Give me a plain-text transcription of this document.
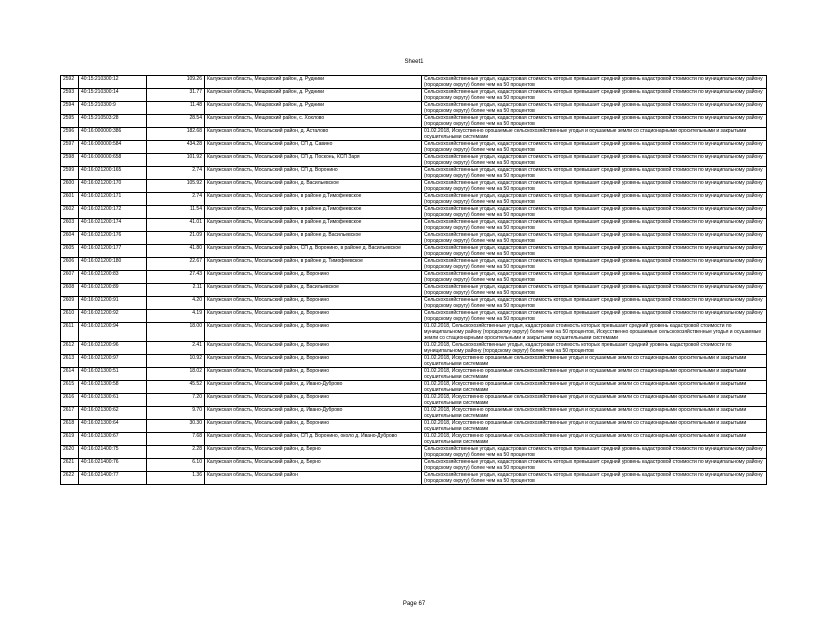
Sheet1
2592	40:15:210300:12	109.26	Калужская область, Мещовский район, д. Рудники	Сельскохозяйственные угодья, кадастровая стоимость которых превышает средний уровень кадастровой стоимости по муниципальному району (городскому округу) более чем на 50 процентов
2593	40:15:210300:14	31.77	Калужская область, Мещовский район, д. Рудники	Сельскохозяйственные угодья, кадастровая стоимость которых превышает средний уровень кадастровой стоимости по муниципальному району (городскому округу) более чем на 50 процентов
2594	40:15:210300:9	11.48	Калужская область, Мещовский район, д. Рудники	Сельскохозяйственные угодья, кадастровая стоимость которых превышает средний уровень кадастровой стоимости по муниципальному району (городскому округу) более чем на 50 процентов
2595	40:15:210503:28	28.54	Калужская область, Мещовский район, с. Хохлово	Сельскохозяйственные угодья, кадастровая стоимость которых превышает средний уровень кадастровой стоимости по муниципальному району (городскому округу) более чем на 50 процентов
2596	40:16:000000:386	182.68	Калужская область, Мосальский район, д. Асталово	01.02.2018, Искусственно орошаемые сельскохозяйственные угодья и осушаемые земли со стационарными оросительными и закрытыми осушительными системами
2597	40:16:000000:584	434.28	Калужская область, Мосальский район, СП д. Савино	Сельскохозяйственные угодья, кадастровая стоимость которых превышает средний уровень кадастровой стоимости по муниципальному району (городскому округу) более чем на 50 процентов
2598	40:16:000000:658	101.92	Калужская область, Мосальский район, СП д. Посконь, КСП Заря	Сельскохозяйственные угодья, кадастровая стоимость которых превышает средний уровень кадастровой стоимости по муниципальному району (городскому округу) более чем на 50 процентов
2599	40:16:021200:165	2.74	Калужская область, Мосальский район, СП д. Воронино	Сельскохозяйственные угодья, кадастровая стоимость которых превышает средний уровень кадастровой стоимости по муниципальному району (городскому округу) более чем на 50 процентов
2600	40:16:021200:170	105.92	Калужская область, Мосальский район, д. Васильевское	Сельскохозяйственные угодья, кадастровая стоимость которых превышает средний уровень кадастровой стоимости по муниципальному району (городскому округу) более чем на 50 процентов
2601	40:16:021200:171	2.74	Калужская область, Мосальский район, в районе д.Тимофеевское	Сельскохозяйственные угодья, кадастровая стоимость которых превышает средний уровень кадастровой стоимости по муниципальному району (городскому округу) более чем на 50 процентов
2602	40:16:021200:172	11.54	Калужская область, Мосальский район, в районе д.Тимофеевское	Сельскохозяйственные угодья, кадастровая стоимость которых превышает средний уровень кадастровой стоимости по муниципальному району (городскому округу) более чем на 50 процентов
2603	40:16:021200:174	41.01	Калужская область, Мосальский район, в районе д.Тимофеевское	Сельскохозяйственные угодья, кадастровая стоимость которых превышает средний уровень кадастровой стоимости по муниципальному району (городскому округу) более чем на 50 процентов
2604	40:16:021200:176	21.09	Калужская область, Мосальский район, в районе д. Васильевское	Сельскохозяйственные угодья, кадастровая стоимость которых превышает средний уровень кадастровой стоимости по муниципальному району (городскому округу) более чем на 50 процентов
2605	40:16:021200:177	41.80	Калужская область, Мосальский район, СП д. Воронино, в районе д. Васильевское	Сельскохозяйственные угодья, кадастровая стоимость которых превышает средний уровень кадастровой стоимости по муниципальному району (городскому округу) более чем на 50 процентов
2606	40:16:021200:180	22.67	Калужская область, Мосальский район, в районе д. Тимофеевское	Сельскохозяйственные угодья, кадастровая стоимость которых превышает средний уровень кадастровой стоимости по муниципальному району (городскому округу) более чем на 50 процентов
2607	40:16:021200:83	27.43	Калужская область, Мосальский район, д. Воронино	Сельскохозяйственные угодья, кадастровая стоимость которых превышает средний уровень кадастровой стоимости по муниципальному району (городскому округу) более чем на 50 процентов
2608	40:16:021200:89	2.11	Калужская область, Мосальский район, д. Васильевское	Сельскохозяйственные угодья, кадастровая стоимость которых превышает средний уровень кадастровой стоимости по муниципальному району (городскому округу) более чем на 50 процентов
2609	40:16:021200:91	4.20	Калужская область, Мосальский район, д. Воронино	Сельскохозяйственные угодья, кадастровая стоимость которых превышает средний уровень кадастровой стоимости по муниципальному району (городскому округу) более чем на 50 процентов
2610	40:16:021200:92	4.19	Калужская область, Мосальский район, д. Воронино	Сельскохозяйственные угодья, кадастровая стоимость которых превышает средний уровень кадастровой стоимости по муниципальному району (городскому округу) более чем на 50 процентов
2611	40:16:021200:94	18.00	Калужская область, Мосальский район, д. Воронино	01.02.2018, Сельскохозяйственные угодья, кадастровая стоимость которых превышает средний уровень кадастровой стоимости по муниципальному району (городскому округу) более чем на 50 процентов, Искусственно орошаемые сельскохозяйственные угодья и осушаемые земли со стационарными оросительными и закрытыми осушительными системами
2612	40:16:021200:96	2.41	Калужская область, Мосальский район, д. Воронино	01.02.2018, Сельскохозяйственные угодья, кадастровая стоимость которых превышает средний уровень кадастровой стоимости по муниципальному району (городскому округу) более чем на 50 процентов
2613	40:16:021200:97	10.92	Калужская область, Мосальский район, д. Воронино	01.02.2018, Искусственно орошаемые сельскохозяйственные угодья и осушаемые земли со стационарными оросительными и закрытыми осушительными системами
2614	40:16:021300:51	18.02	Калужская область, Мосальский район, д. Воронино	01.02.2018, Искусственно орошаемые сельскохозяйственные угодья и осушаемые земли со стационарными оросительными и закрытыми осушительными системами
2615	40:16:021300:58	45.52	Калужская область, Мосальский район, д. Ивано-Дуброво	01.02.2018, Искусственно орошаемые сельскохозяйственные угодья и осушаемые земли со стационарными оросительными и закрытыми осушительными системами
2616	40:16:021300:61	7.20	Калужская область, Мосальский район, д. Воронино	01.02.2018, Искусственно орошаемые сельскохозяйственные угодья и осушаемые земли со стационарными оросительными и закрытыми осушительными системами
2617	40:16:021300:62	9.70	Калужская область, Мосальский район, д. Ивано-Дуброво	01.02.2018, Искусственно орошаемые сельскохозяйственные угодья и осушаемые земли со стационарными оросительными и закрытыми осушительными системами
2618	40:16:021300:64	30.30	Калужская область, Мосальский район, д. Воронино	01.02.2018, Искусственно орошаемые сельскохозяйственные угодья и осушаемые земли со стационарными оросительными и закрытыми осушительными системами
2619	40:16:021300:67	7.68	Калужская область, Мосальский район, СП д. Воронино, около д. Ивано-Дуброво	01.02.2018, Искусственно орошаемые сельскохозяйственные угодья и осушаемые земли со стационарными оросительными и закрытыми осушительными системами
2620	40:16:021400:75	2.28	Калужская область, Мосальский район, д. Берно	Сельскохозяйственные угодья, кадастровая стоимость которых превышает средний уровень кадастровой стоимости по муниципальному району (городскому округу) более чем на 50 процентов
2621	40:16:021400:76	6.10	Калужская область, Мосальский район, д. Берно	Сельскохозяйственные угодья, кадастровая стоимость которых превышает средний уровень кадастровой стоимости по муниципальному району (городскому округу) более чем на 50 процентов
2622	40:16:021400:77	1.36	Калужская область, Мосальский район	Сельскохозяйственные угодья, кадастровая стоимость которых превышает средний уровень кадастровой стоимости по муниципальному району (городскому округу) более чем на 50 процентов
Page 67
